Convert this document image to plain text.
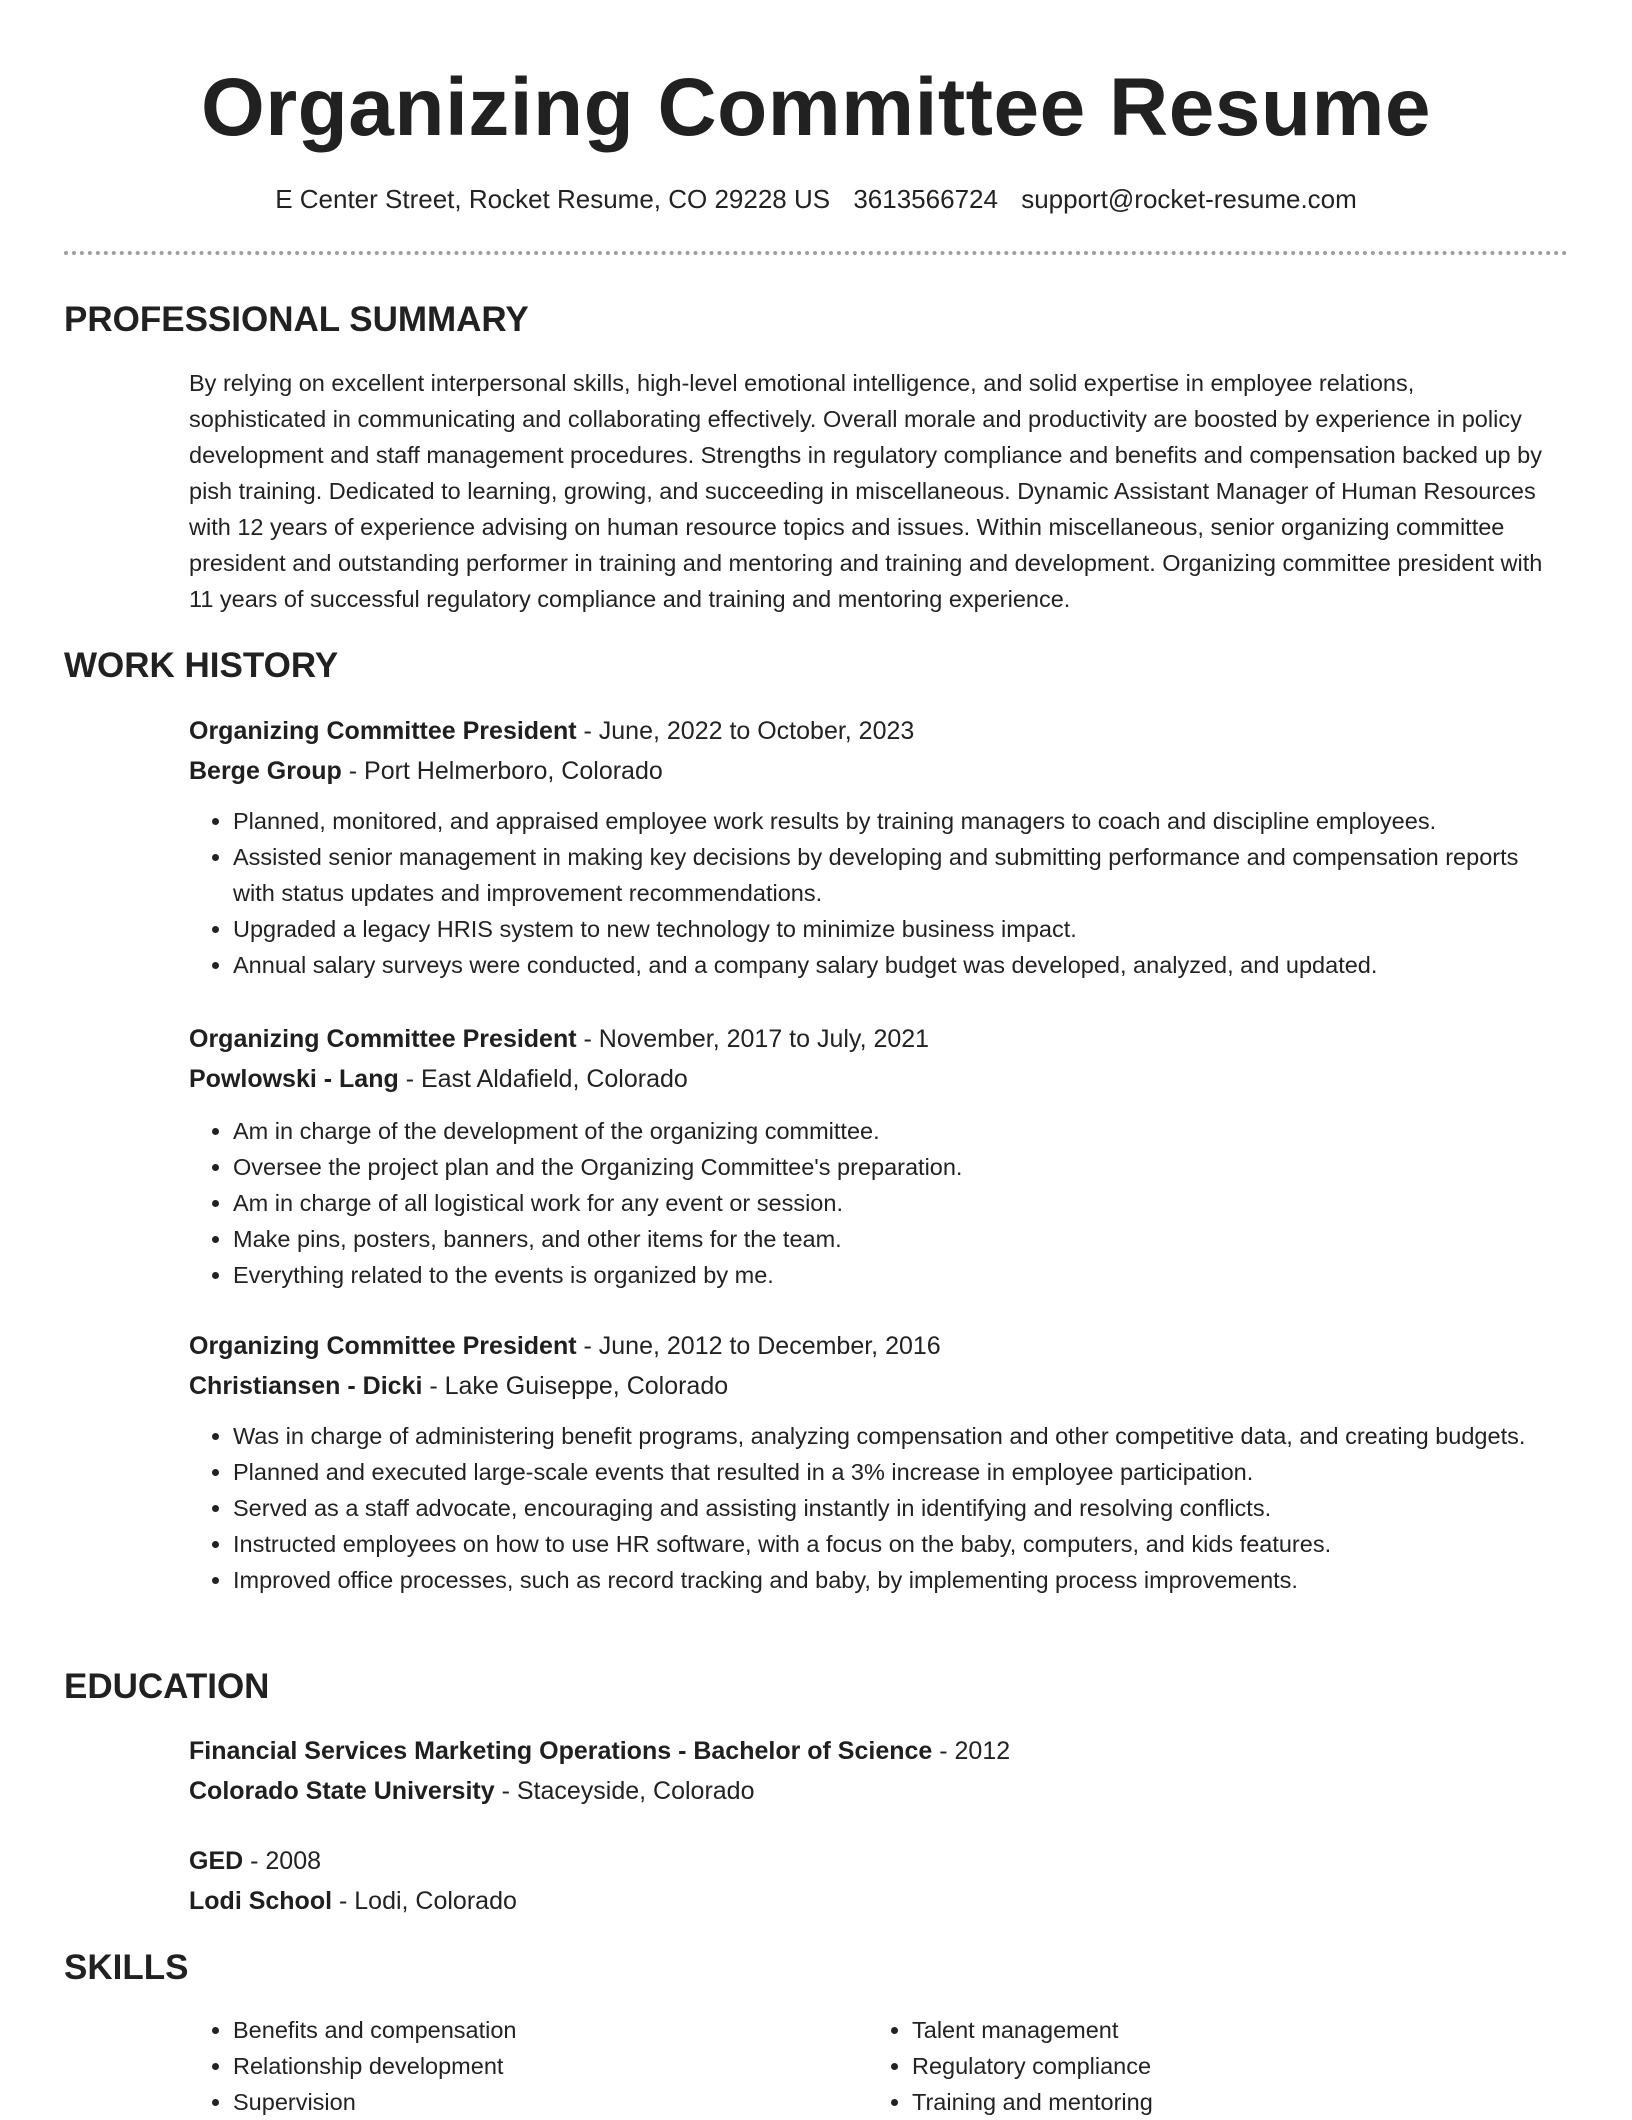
Organizing Committee Resume
E Center Street, Rocket Resume, CO 29228 US 3613566724 support@rocket-resume.com
PROFESSIONAL SUMMARY

By relying on excellent interpersonal skills, high-level emotional intelligence, and solid expertise in employee relations, sophisticated in communicating and collaborating effectively. Overall morale and productivity are boosted by experience in policy development and staff management procedures. Strengths in regulatory compliance and benefits and compensation backed up by pish training. Dedicated to learning, growing, and succeeding in miscellaneous. Dynamic Assistant Manager of Human Resources with 12 years of experience advising on human resource topics and issues. Within miscellaneous, senior organizing committee president and outstanding performer in training and mentoring and training and development. Organizing committee president with 11 years of successful regulatory compliance and training and mentoring experience.

WORK HISTORY
Organizing Committee President - June, 2022 to October, 2023
Berge Group - Port Helmerboro, Colorado
• Planned, monitored, and appraised employee work results by training managers to coach and discipline employees.
• Assisted senior management in making key decisions by developing and submitting performance and compensation reports with status updates and improvement recommendations.
• Upgraded a legacy HRIS system to new technology to minimize business impact.
• Annual salary surveys were conducted, and a company salary budget was developed, analyzed, and updated.
Organizing Committee President - November, 2017 to July, 2021
Powlowski - Lang - East Aldafield, Colorado
• Am in charge of the development of the organizing committee.
• Oversee the project plan and the Organizing Committee's preparation.
• Am in charge of all logistical work for any event or session.
• Make pins, posters, banners, and other items for the team.
• Everything related to the events is organized by me.
Organizing Committee President - June, 2012 to December, 2016
Christiansen - Dicki - Lake Guiseppe, Colorado
• Was in charge of administering benefit programs, analyzing compensation and other competitive data, and creating budgets.
• Planned and executed large-scale events that resulted in a 3% increase in employee participation.
• Served as a staff advocate, encouraging and assisting instantly in identifying and resolving conflicts.
• Instructed employees on how to use HR software, with a focus on the baby, computers, and kids features.
• Improved office processes, such as record tracking and baby, by implementing process improvements.
EDUCATION
Financial Services Marketing Operations - Bachelor of Science - 2012
Colorado State University - Staceyside, Colorado
GED - 2008
Lodi School - Lodi, Colorado
SKILLS
• Benefits and compensation
• Relationship development
• Supervision
• Talent management
• Regulatory compliance
• Training and mentoring
